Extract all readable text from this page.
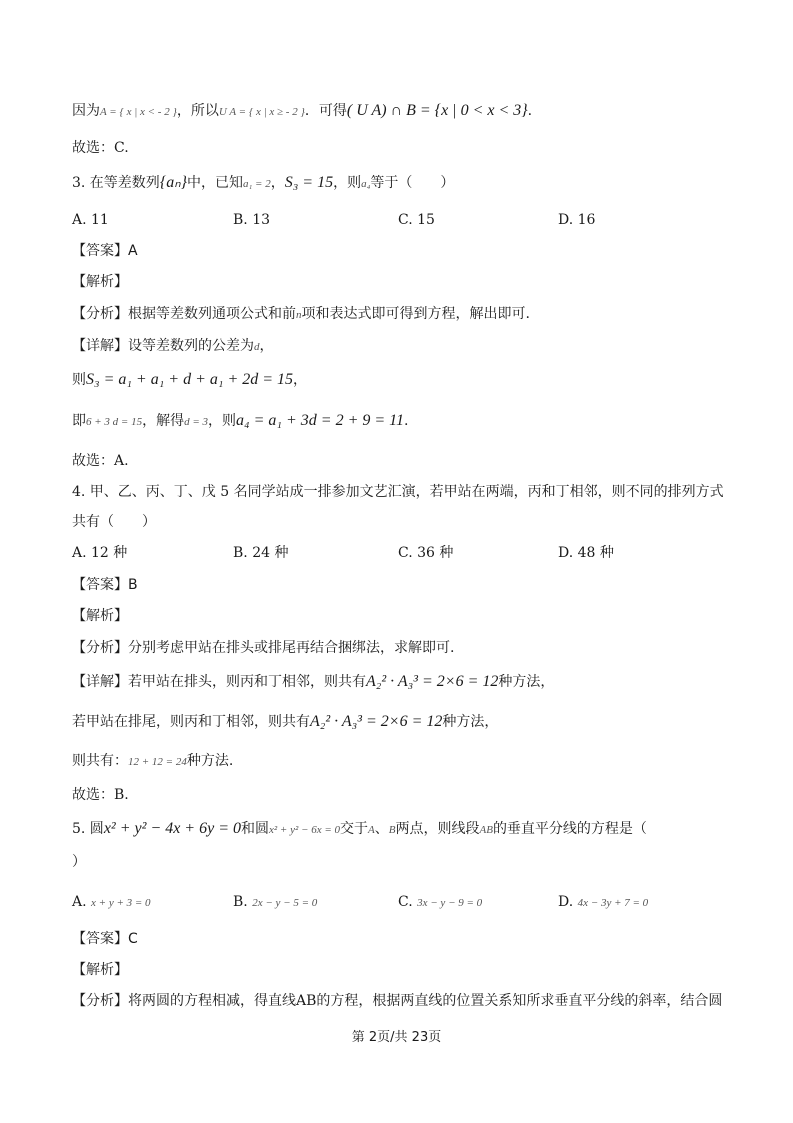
因为A = { x | x < - 2 }，所以U A = { x | x ≥ - 2 }．可得( U A) ∩ B = {x | 0 < x < 3}.
故选：C.
3. 在等差数列{aₙ}中，已知a₁ = 2，S₃ = 15，则a₄等于（　　）
A. 11	B. 13	C. 15	D. 16
【答案】A
【解析】
【分析】根据等差数列通项公式和前n项和表达式即可得到方程，解出即可.
【详解】设等差数列的公差为d，
则S₃ = a₁ + a₁ + d + a₁ + 2d = 15，
即6 + 3 d = 15，解得d = 3，则a₄ = a₁ + 3d = 2 + 9 = 11.
故选：A.
4. 甲、乙、丙、丁、戊 5 名同学站成一排参加文艺汇演，若甲站在两端，丙和丁相邻，则不同的排列方式
共有（　　）
A. 12 种	B. 24 种	C. 36 种	D. 48 种
【答案】B
【解析】
【分析】分别考虑甲站在排头或排尾再结合捆绑法，求解即可.
【详解】若甲站在排头，则丙和丁相邻，则共有A₂² · A₃³ = 2×6 = 12种方法，
若甲站在排尾，则丙和丁相邻，则共有A₂² · A₃³ = 2×6 = 12种方法，
则共有：12 + 12 = 24种方法.
故选：B.
5. 圆x² + y² − 4x + 6y = 0和圆x² + y² − 6x = 0交于A、B两点，则线段AB的垂直平分线的方程是（
）
A. x + y + 3 = 0	B. 2x − y − 5 = 0	C. 3x − y − 9 = 0	D. 4x − 3y + 7 = 0
【答案】C
【解析】
【分析】将两圆的方程相减，得直线AB的方程，根据两直线的位置关系知所求垂直平分线的斜率，结合圆
第 2页/共 23页
